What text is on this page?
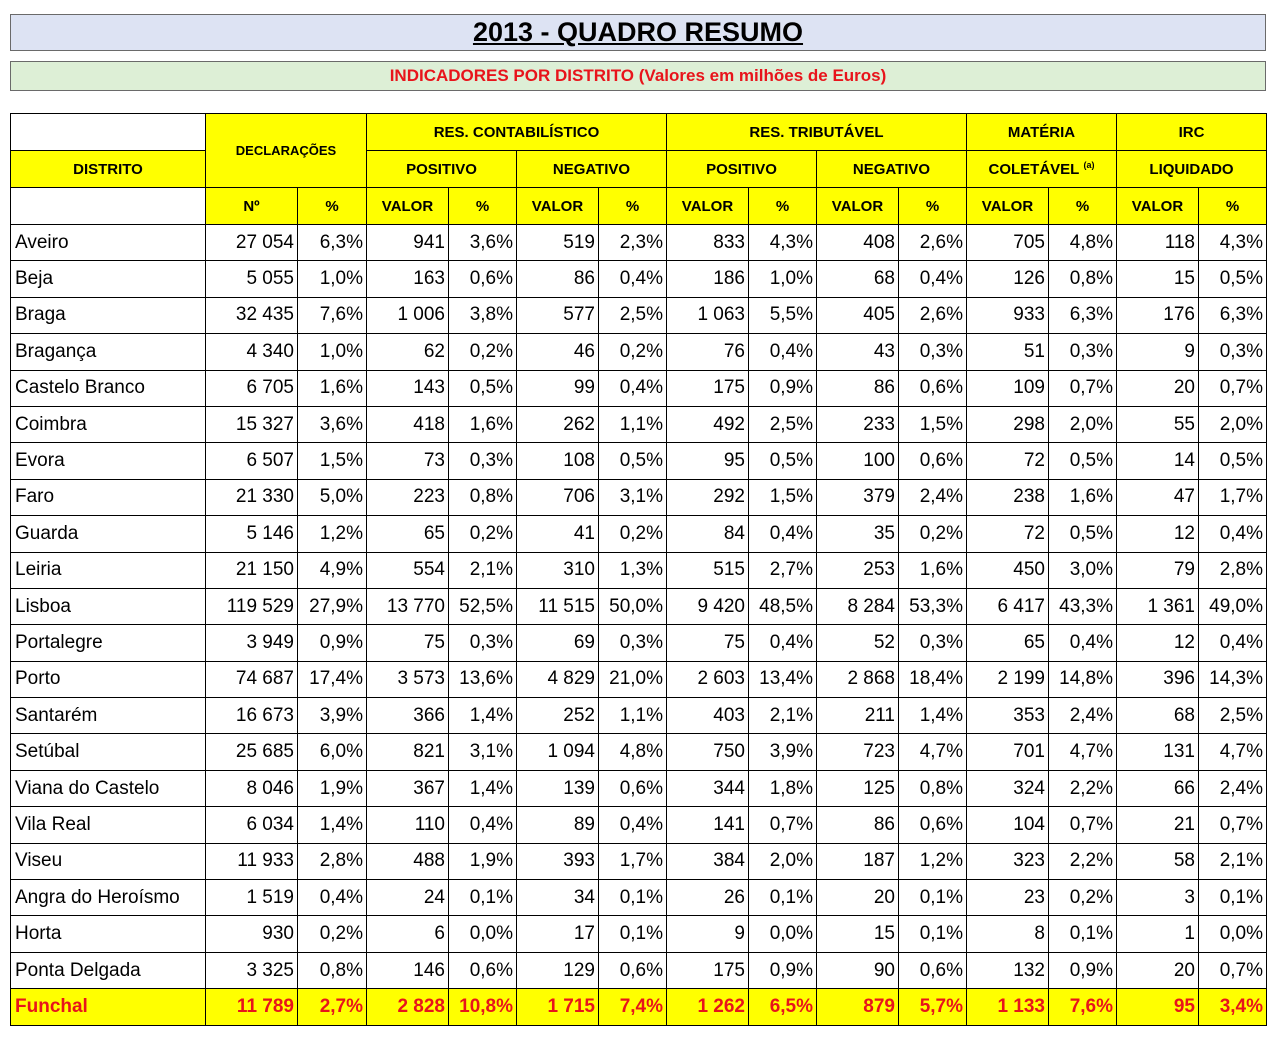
2013 - QUADRO RESUMO
INDICADORES POR DISTRITO
(Valores em milhões de Euros)
	DECLARAÇÕES		RES. CONTABILÍSTICO				RES. TRIBUTÁVEL				MATÉRIA		IRC	
DISTRITO			POSITIVO		NEGATIVO		POSITIVO		NEGATIVO		COLETÁVEL $^{(a)}$		LIQUIDADO	
	Nº	%	VALOR	%	VALOR	%	VALOR	%	VALOR	%	VALOR	%	VALOR	%
Aveiro	27 054	6,3%	941	3,6%	519	2,3%	833	4,3%	408	2,6%	705	4,8%	118	4,3%
Beja	5 055	1,0%	163	0,6%	86	0,4%	186	1,0%	68	0,4%	126	0,8%	15	0,5%
Braga	32 435	7,6%	1 006	3,8%	577	2,5%	1 063	5,5%	405	2,6%	933	6,3%	176	6,3%
Bragança	4 340	1,0%	62	0,2%	46	0,2%	76	0,4%	43	0,3%	51	0,3%	9	0,3%
Castelo Branco	6 705	1,6%	143	0,5%	99	0,4%	175	0,9%	86	0,6%	109	0,7%	20	0,7%
Coimbra	15 327	3,6%	418	1,6%	262	1,1%	492	2,5%	233	1,5%	298	2,0%	55	2,0%
Evora	6 507	1,5%	73	0,3%	108	0,5%	95	0,5%	100	0,6%	72	0,5%	14	0,5%
Faro	21 330	5,0%	223	0,8%	706	3,1%	292	1,5%	379	2,4%	238	1,6%	47	1,7%
Guarda	5 146	1,2%	65	0,2%	41	0,2%	84	0,4%	35	0,2%	72	0,5%	12	0,4%
Leiria	21 150	4,9%	554	2,1%	310	1,3%	515	2,7%	253	1,6%	450	3,0%	79	2,8%
Lisboa	119 529	27,9%	13 770	52,5%	11 515	50,0%	9 420	48,5%	8 284	53,3%	6 417	43,3%	1 361	49,0%
Portalegre	3 949	0,9%	75	0,3%	69	0,3%	75	0,4%	52	0,3%	65	0,4%	12	0,4%
Porto	74 687	17,4%	3 573	13,6%	4 829	21,0%	2 603	13,4%	2 868	18,4%	2 199	14,8%	396	14,3%
Santarém	16 673	3,9%	366	1,4%	252	1,1%	403	2,1%	211	1,4%	353	2,4%	68	2,5%
Setúbal	25 685	6,0%	821	3,1%	1 094	4,8%	750	3,9%	723	4,7%	701	4,7%	131	4,7%
Viana do Castelo	8 046	1,9%	367	1,4%	139	0,6%	344	1,8%	125	0,8%	324	2,2%	66	2,4%
Vila Real	6 034	1,4%	110	0,4%	89	0,4%	141	0,7%	86	0,6%	104	0,7%	21	0,7%
Viseu	11 933	2,8%	488	1,9%	393	1,7%	384	2,0%	187	1,2%	323	2,2%	58	2,1%
Angra do Heroísmo	1 519	0,4%	24	0,1%	34	0,1%	26	0,1%	20	0,1%	23	0,2%	3	0,1%
Horta	930	0,2%	6	0,0%	17	0,1%	9	0,0%	15	0,1%	8	0,1%	1	0,0%
Ponta Delgada	3 325	0,8%	146	0,6%	129	0,6%	175	0,9%	90	0,6%	132	0,9%	20	0,7%
Funchal	11 789	2,7%	2 828	10,8%	1 715	7,4%	1 262	6,5%	879	5,7%	1 133	7,6%	95	3,4%
